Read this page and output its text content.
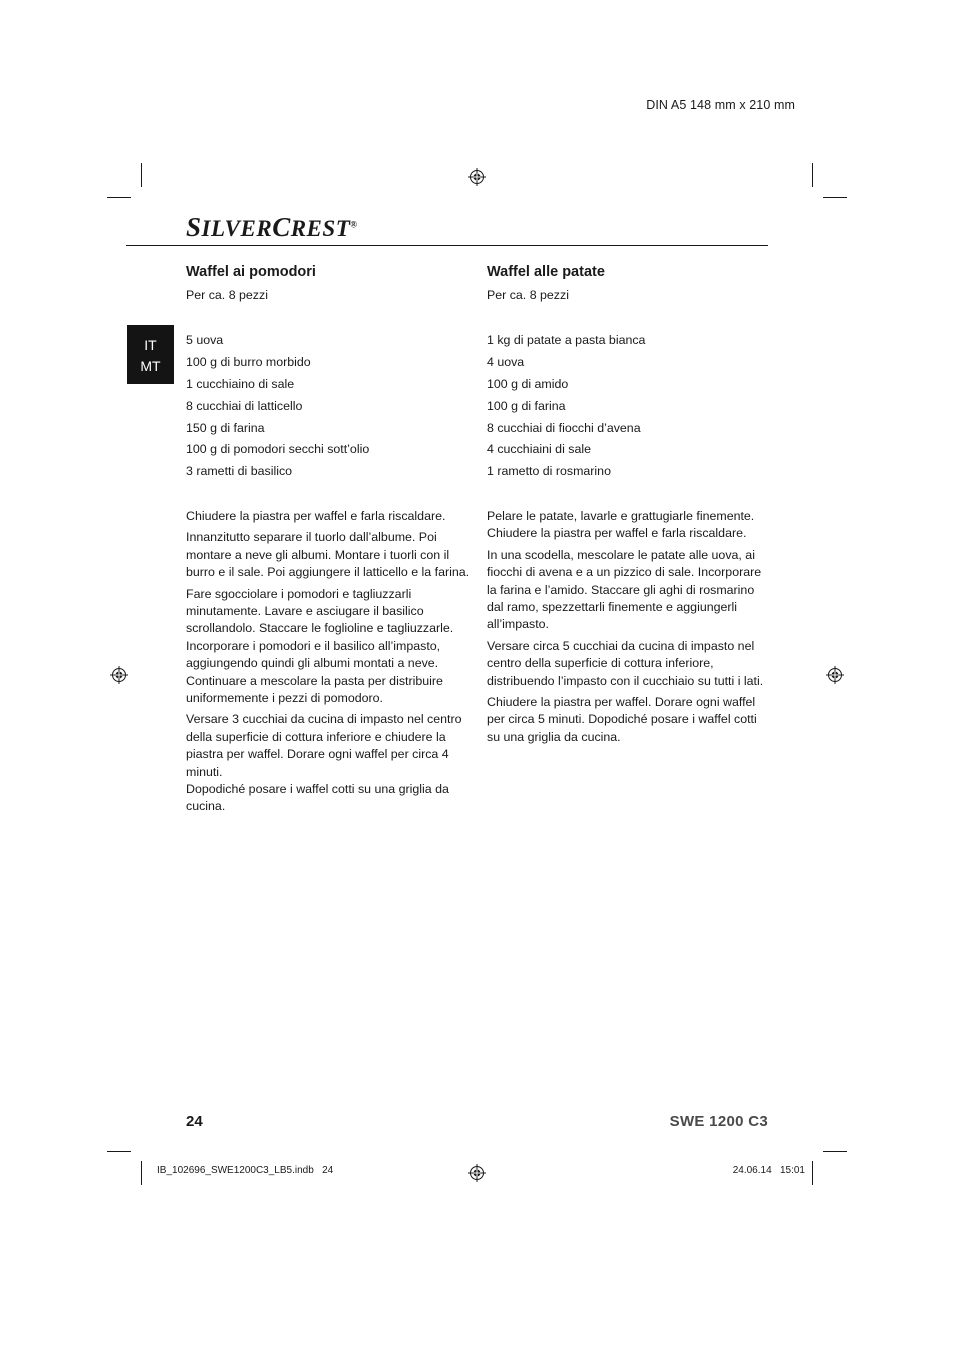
DIN A5 148 mm x 210 mm
SILVERCREST®
IT
MT
Waffel ai pomodori

Per ca. 8 pezzi

5 uova
100 g di burro morbido
1 cucchiaino di sale
8 cucchiai di latticello
150 g di farina
100 g di pomodori secchi sott’olio
3 rametti di basilico

Chiudere la piastra per waffel e farla riscaldare.

Innanzitutto separare il tuorlo dall’albume. Poi montare a neve gli albumi. Montare i tuorli con il burro e il sale. Poi aggiungere il latticello e la farina.

Fare sgocciolare i pomodori e tagliuzzarli minutamente. Lavare e asciugare il basilico scrollandolo. Staccare le foglioline e tagliuzzarle. Incorporare i pomodori e il basilico all’impasto, aggiungendo quindi gli albumi montati a neve. Continuare a mescolare la pasta per distribuire uniformemente i pezzi di pomodoro.

Versare 3 cucchiai da cucina di impasto nel centro della superficie di cottura inferiore e chiudere la piastra per waffel. Dorare ogni waffel per circa 4 minuti.

Dopodiché posare i waffel cotti su una griglia da cucina.

Waffel alle patate

Per ca. 8 pezzi

1 kg di patate a pasta bianca
4 uova
100 g di amido
100 g di farina
8 cucchiai di fiocchi d’avena
4 cucchiaini di sale
1 rametto di rosmarino

Pelare le patate, lavarle e grattugiarle finemente. Chiudere la piastra per waffel e farla riscaldare.

In una scodella, mescolare le patate alle uova, ai fiocchi di avena e a un pizzico di sale. Incorporare la farina e l’amido. Staccare gli aghi di rosmarino dal ramo, spezzettarli finemente e aggiungerli all’impasto.

Versare circa 5 cucchiai da cucina di impasto nel centro della superficie di cottura inferiore, distribuendo l’impasto con il cucchiaio su tutti i lati.

Chiudere la piastra per waffel. Dorare ogni waffel per circa 5 minuti. Dopodiché posare i waffel cotti su una griglia da cucina.

24	SWE 1200 C3
IB_102696_SWE1200C3_LB5.indb   24	24.06.14   15:01
